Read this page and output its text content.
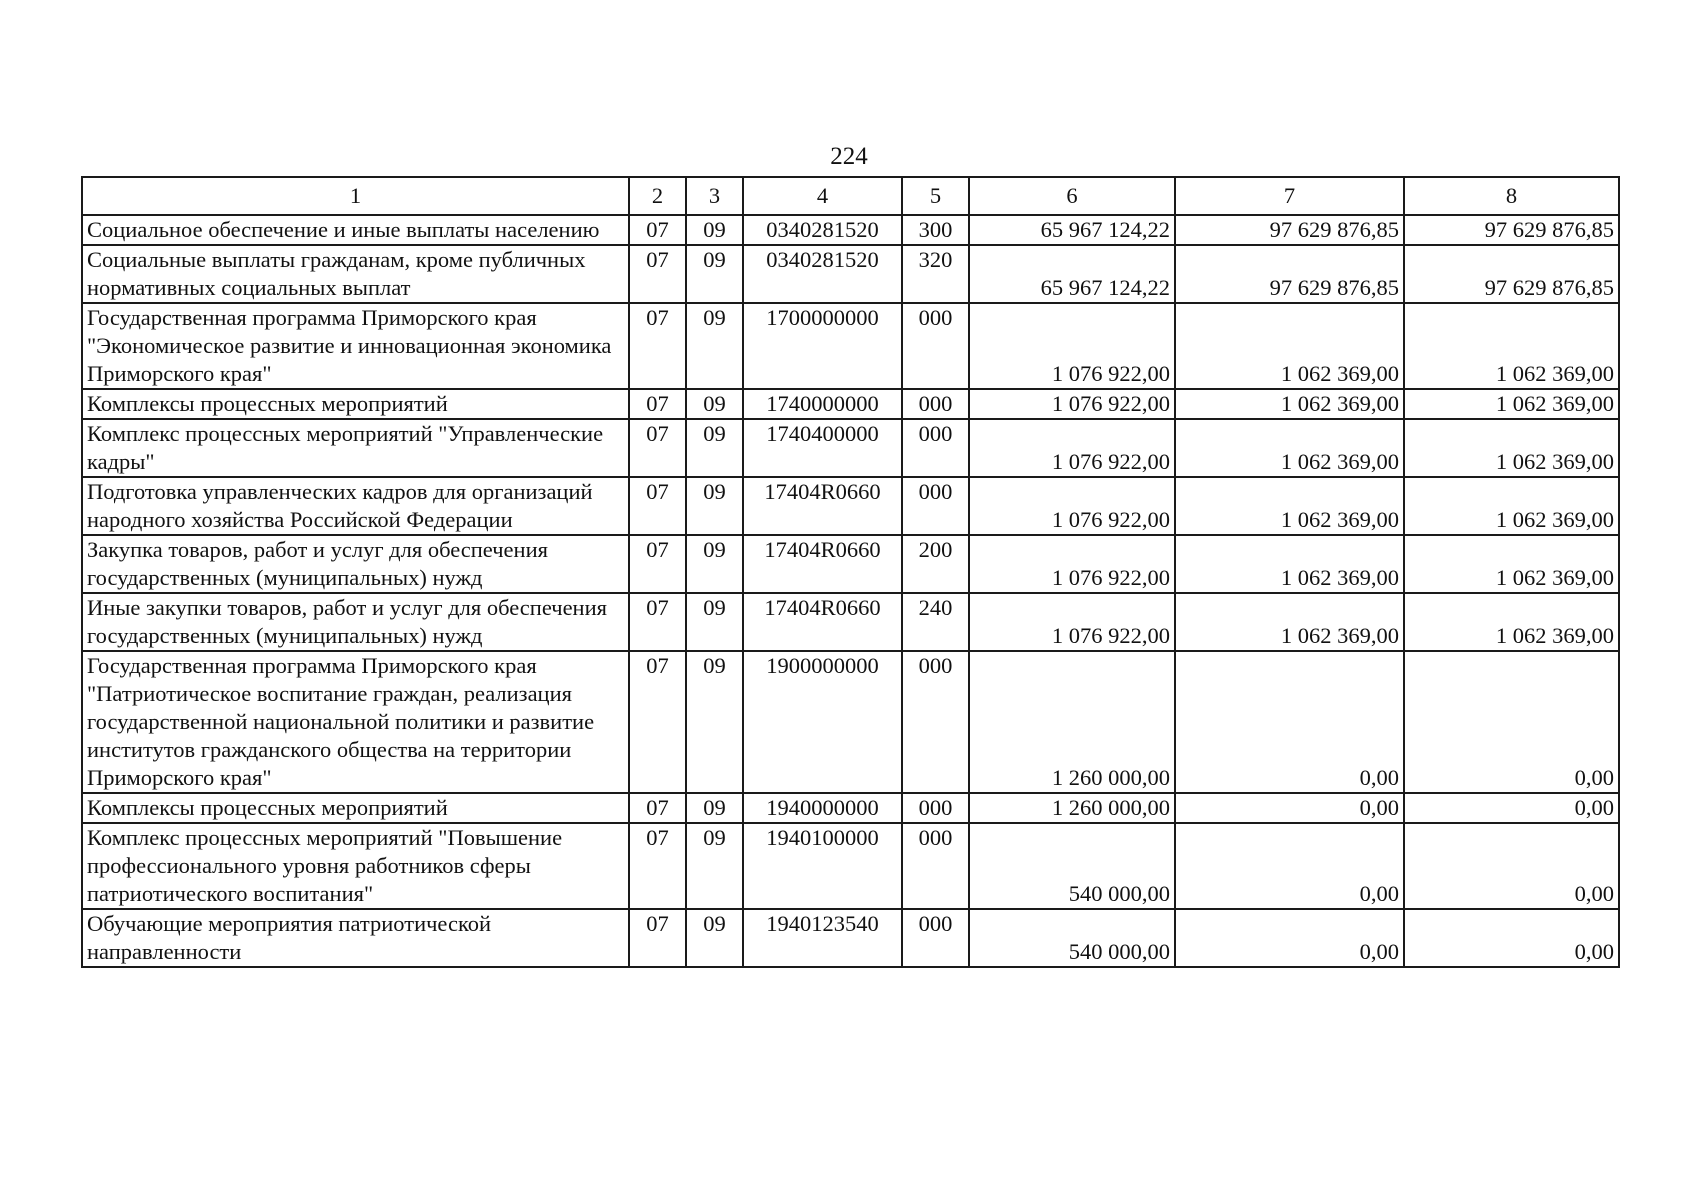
224
1	2	3	4	5	6	7	8
Социальное обеспечение и иные выплаты населению	07	09	0340281520	300	65 967 124,22	97 629 876,85	97 629 876,85
Социальные выплаты гражданам, кроме публичных нормативных социальных выплат	07	09	0340281520	320	65 967 124,22	97 629 876,85	97 629 876,85
Государственная программа Приморского края "Экономическое развитие и инновационная экономика Приморского края"	07	09	1700000000	000	1 076 922,00	1 062 369,00	1 062 369,00
Комплексы процессных мероприятий	07	09	1740000000	000	1 076 922,00	1 062 369,00	1 062 369,00
Комплекс процессных мероприятий "Управленческие кадры"	07	09	1740400000	000	1 076 922,00	1 062 369,00	1 062 369,00
Подготовка управленческих кадров для организаций народного хозяйства Российской Федерации	07	09	17404R0660	000	1 076 922,00	1 062 369,00	1 062 369,00
Закупка товаров, работ и услуг для обеспечения государственных (муниципальных) нужд	07	09	17404R0660	200	1 076 922,00	1 062 369,00	1 062 369,00
Иные закупки товаров, работ и услуг для обеспечения государственных (муниципальных) нужд	07	09	17404R0660	240	1 076 922,00	1 062 369,00	1 062 369,00
Государственная программа Приморского края "Патриотическое воспитание граждан, реализация государственной национальной политики и развитие институтов гражданского общества на территории Приморского края"	07	09	1900000000	000	1 260 000,00	0,00	0,00
Комплексы процессных мероприятий	07	09	1940000000	000	1 260 000,00	0,00	0,00
Комплекс процессных мероприятий "Повышение профессионального уровня работников сферы патриотического воспитания"	07	09	1940100000	000	540 000,00	0,00	0,00
Обучающие мероприятия патриотической направленности	07	09	1940123540	000	540 000,00	0,00	0,00
